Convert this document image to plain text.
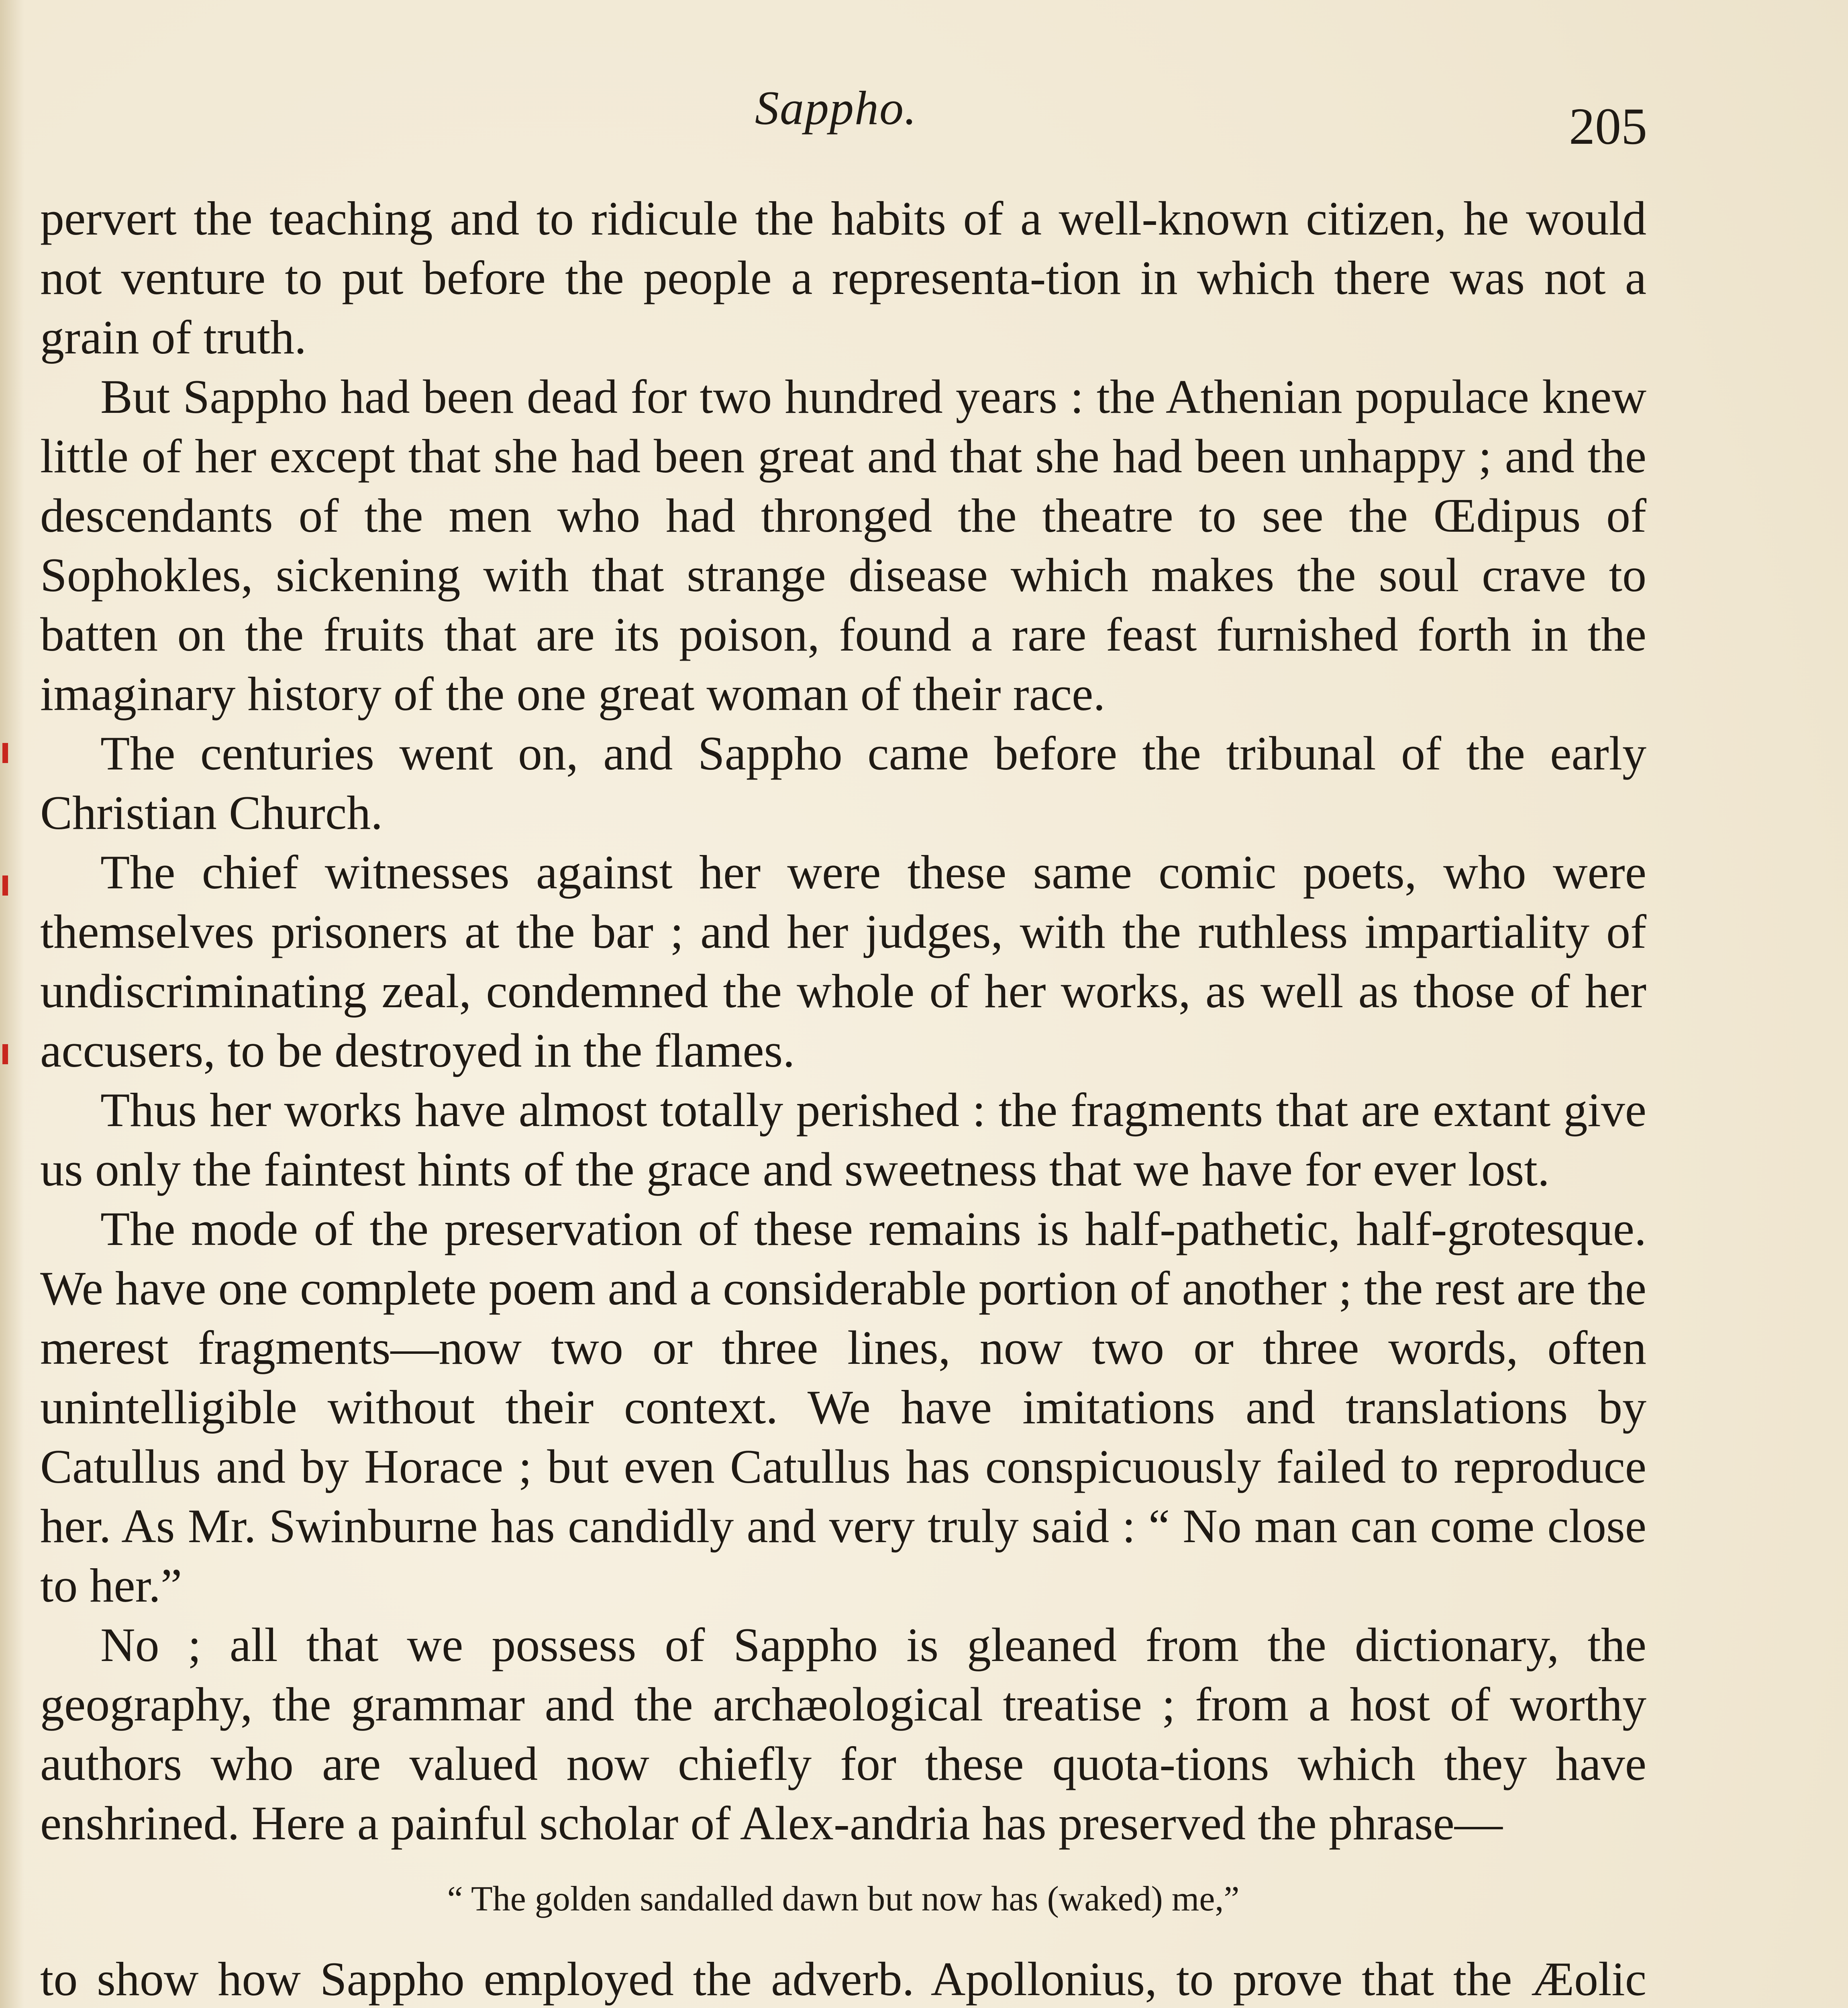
Sappho.	205

pervert the teaching and to ridicule the habits of a well-known citizen, he would not venture to put before the people a representa-tion in which there was not a grain of truth.

But Sappho had been dead for two hundred years : the Athenian populace knew little of her except that she had been great and that she had been unhappy ; and the descendants of the men who had thronged the theatre to see the Œdipus of Sophokles, sickening with that strange disease which makes the soul crave to batten on the fruits that are its poison, found a rare feast furnished forth in the imaginary history of the one great woman of their race.

The centuries went on, and Sappho came before the tribunal of the early Christian Church.

The chief witnesses against her were these same comic poets, who were themselves prisoners at the bar ; and her judges, with the ruthless impartiality of undiscriminating zeal, condemned the whole of her works, as well as those of her accusers, to be destroyed in the flames.

Thus her works have almost totally perished : the fragments that are extant give us only the faintest hints of the grace and sweetness that we have for ever lost.

The mode of the preservation of these remains is half-pathetic, half-grotesque. We have one complete poem and a considerable portion of another ; the rest are the merest fragments—now two or three lines, now two or three words, often unintelligible without their context. We have imitations and translations by Catullus and by Horace ; but even Catullus has conspicuously failed to reproduce her. As Mr. Swinburne has candidly and very truly said : “ No man can come close to her.”

No ; all that we possess of Sappho is gleaned from the dictionary, the geography, the grammar and the archæological treatise ; from a host of worthy authors who are valued now chiefly for these quota-tions which they have enshrined. Here a painful scholar of Alex-andria has preserved the phrase—

“ The golden sandalled dawn but now has (waked) me,”

to show how Sappho employed the adverb. Apollonius, to prove that the Æolic
